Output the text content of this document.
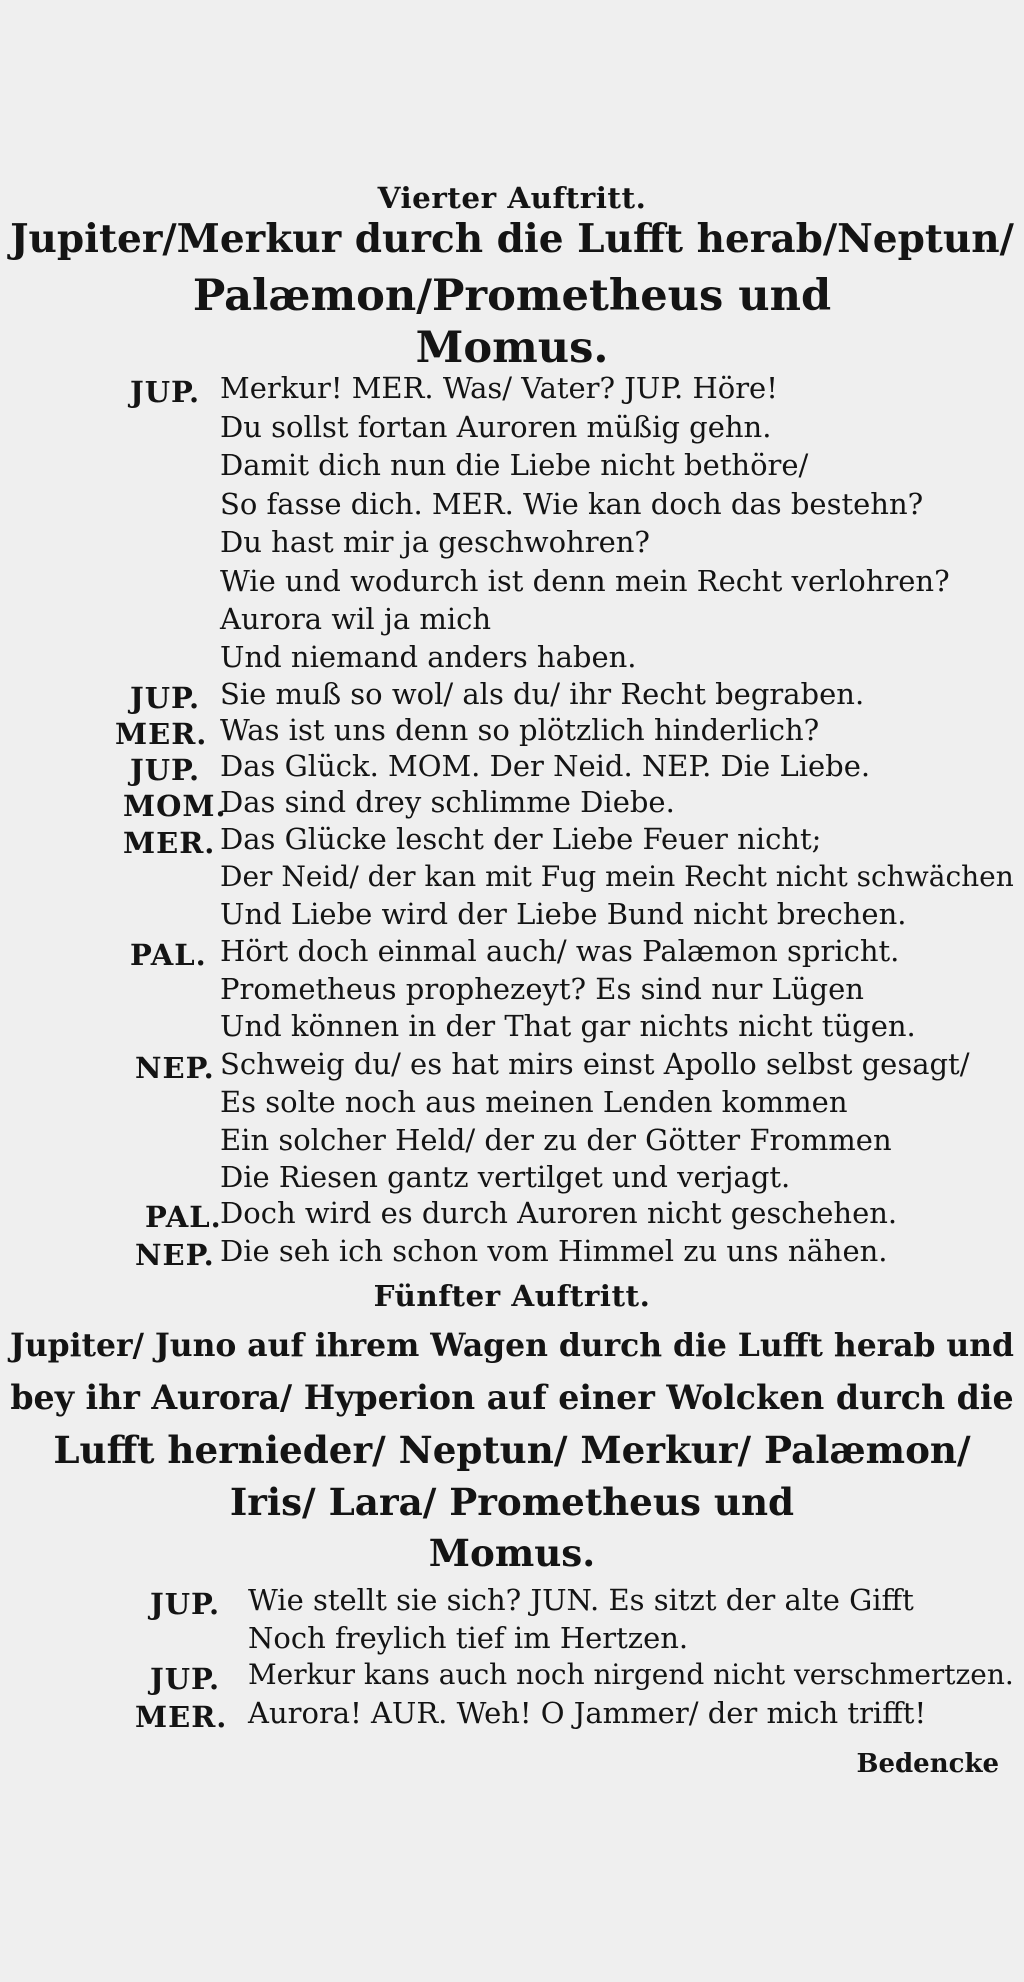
Vierter Auftritt.
Jupiter/Merkur durch die Lufft herab/Neptun/
Palæmon/Prometheus und
Momus.
JUP. Merkur! MER. Was/ Vater? JUP. Höre!
Du sollst fortan Auroren müßig gehn.
Damit dich nun die Liebe nicht bethöre/
So fasse dich. MER. Wie kan doch das bestehn?
Du hast mir ja geschwohren?
Wie und wodurch ist denn mein Recht verlohren?
Aurora wil ja mich
Und niemand anders haben.
JUP. Sie muß so wol/ als du/ ihr Recht begraben.
MER. Was ist uns denn so plötzlich hinderlich?
JUP. Das Glück. MOM. Der Neid. NEP. Die Liebe.
MOM.
Das sind drey schlimme Diebe.
MER. Das Glücke lescht der Liebe Feuer nicht;
Der Neid/ der kan mit Fug mein Recht nicht schwächen
Und Liebe wird der Liebe Bund nicht brechen.
PAL. Hört doch einmal auch/ was Palæmon spricht.
Prometheus prophezeyt? Es sind nur Lügen
Und können in der That gar nichts nicht tügen.
NEP. Schweig du/ es hat mirs einst Apollo selbst gesagt/
Es solte noch aus meinen Lenden kommen
Ein solcher Held/ der zu der Götter Frommen
Die Riesen gantz vertilget und verjagt.
PAL.
Doch wird es durch Auroren nicht geschehen.
NEP. Die seh ich schon vom Himmel zu uns nähen.
Fünfter Auftritt.
Jupiter/ Juno auf ihrem Wagen durch die Lufft herab und
bey ihr Aurora/ Hyperion auf einer Wolcken durch die
Lufft hernieder/ Neptun/ Merkur/ Palæmon/
Iris/ Lara/ Prometheus und
Momus.
JUP. Wie stellt sie sich? JUN. Es sitzt der alte Gifft
Noch freylich tief im Hertzen.
JUP. Merkur kans auch noch nirgend nicht verschmertzen.
MER. Aurora! AUR. Weh! O Jammer/ der mich trifft!
Bedencke
